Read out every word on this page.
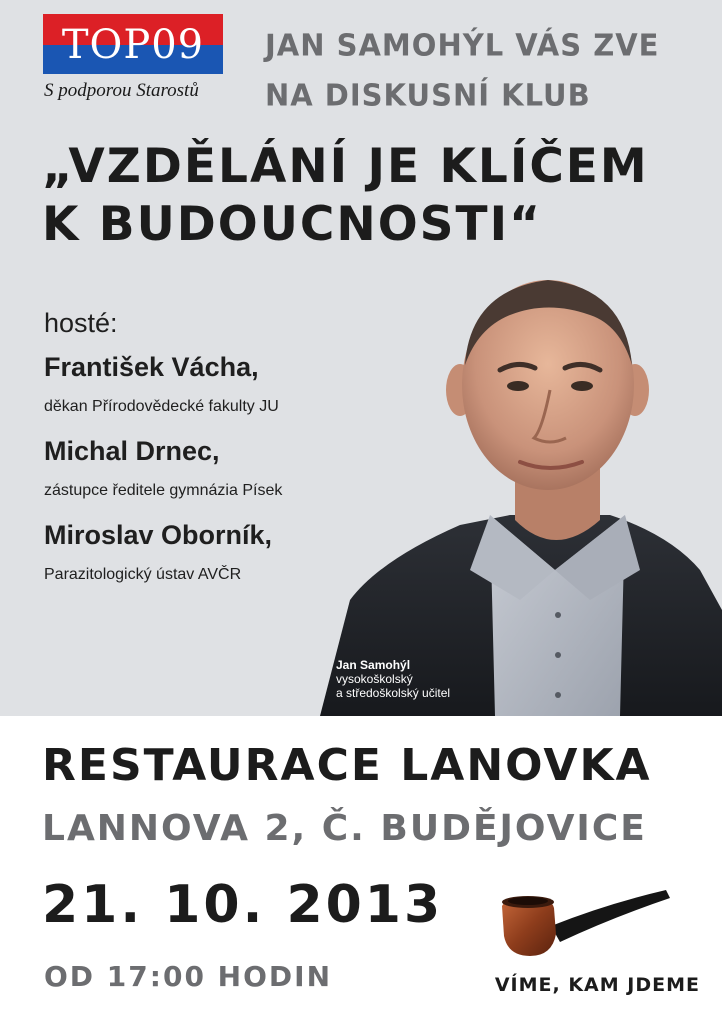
TOP09
S podporou Starostů
JAN SAMOHÝL VÁS ZVE
NA DISKUSNÍ KLUB
„VZDĚLÁNÍ JE KLÍČEM
K BUDOUCNOSTI“
hosté:
František Vácha,
děkan Přírodovědecké fakulty JU
Michal Drnec,
zástupce ředitele gymnázia Písek
Miroslav Oborník,
Parazitologický ústav AVČR
Jan Samohýl
vysokoškolský
a středoškolský učitel
RESTAURACE LANOVKA
LANNOVA 2, Č. BUDĚJOVICE
21. 10. 2013
OD 17:00 HODIN	VÍME, KAM JDEME
